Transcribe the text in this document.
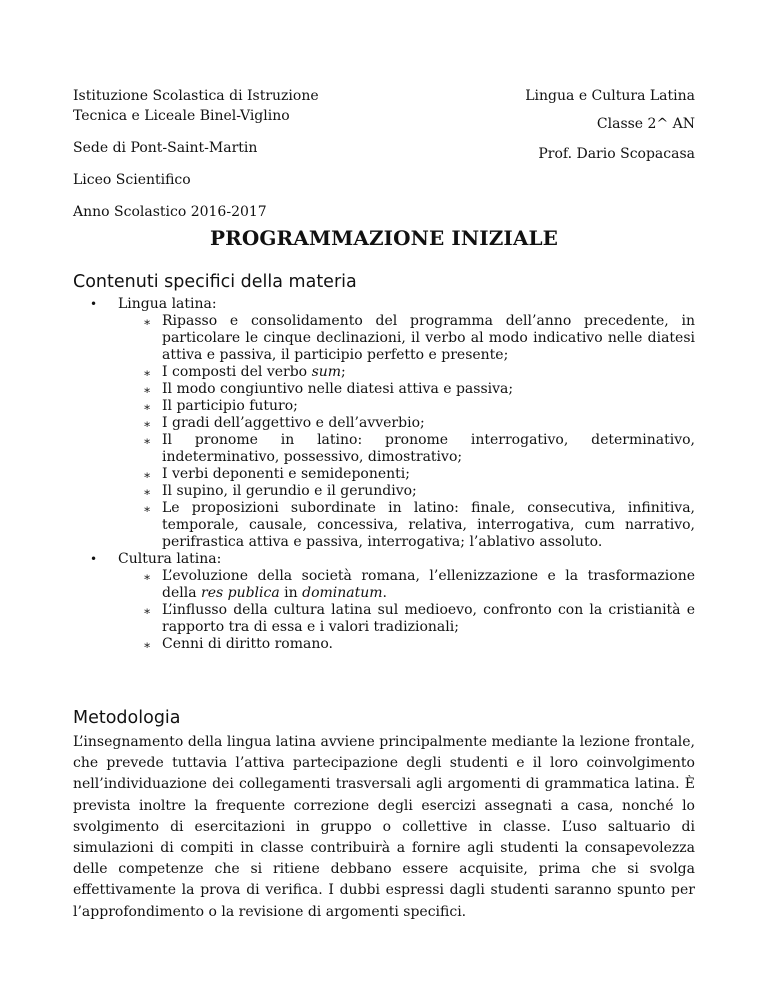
Istituzione Scolastica di Istruzione
Tecnica e Liceale Binel-Viglino
Sede di Pont-Saint-Martin
Liceo Scientifico
Anno Scolastico 2016-2017
Lingua e Cultura Latina
Classe 2^ AN
Prof. Dario Scopacasa
PROGRAMMAZIONE INIZIALE
Contenuti specifici della materia
• Lingua latina:
∗ Ripasso e consolidamento del programma dell’anno precedente, in particolare le cinque declinazioni, il verbo al modo indicativo nelle diatesi attiva e passiva, il participio perfetto e presente;
∗ I composti del verbo sum;
∗ Il modo congiuntivo nelle diatesi attiva e passiva;
∗ Il participio futuro;
∗ I gradi dell’aggettivo e dell’avverbio;
∗ Il pronome in latino: pronome interrogativo, determinativo, indeterminativo, possessivo, dimostrativo;
∗ I verbi deponenti e semideponenti;
∗ Il supino, il gerundio e il gerundivo;
∗ Le proposizioni subordinate in latino: finale, consecutiva, infinitiva, temporale, causale, concessiva, relativa, interrogativa, cum narrativo, perifrastica attiva e passiva, interrogativa; l’ablativo assoluto.
• Cultura latina:
∗ L’evoluzione della società romana, l’ellenizzazione e la trasformazione della res publica in dominatum.
∗ L’influsso della cultura latina sul medioevo, confronto con la cristianità e rapporto tra di essa e i valori tradizionali;
∗ Cenni di diritto romano.
Metodologia
L’insegnamento della lingua latina avviene principalmente mediante la lezione frontale, che prevede tuttavia l’attiva partecipazione degli studenti e il loro coinvolgimento nell’individuazione dei collegamenti trasversali agli argomenti di grammatica latina. È prevista inoltre la frequente correzione degli esercizi assegnati a casa, nonché lo svolgimento di esercitazioni in gruppo o collettive in classe. L’uso saltuario di simulazioni di compiti in classe contribuirà a fornire agli studenti la consapevolezza delle competenze che si ritiene debbano essere acquisite, prima che si svolga effettivamente la prova di verifica. I dubbi espressi dagli studenti saranno spunto per l’approfondimento o la revisione di argomenti specifici.
